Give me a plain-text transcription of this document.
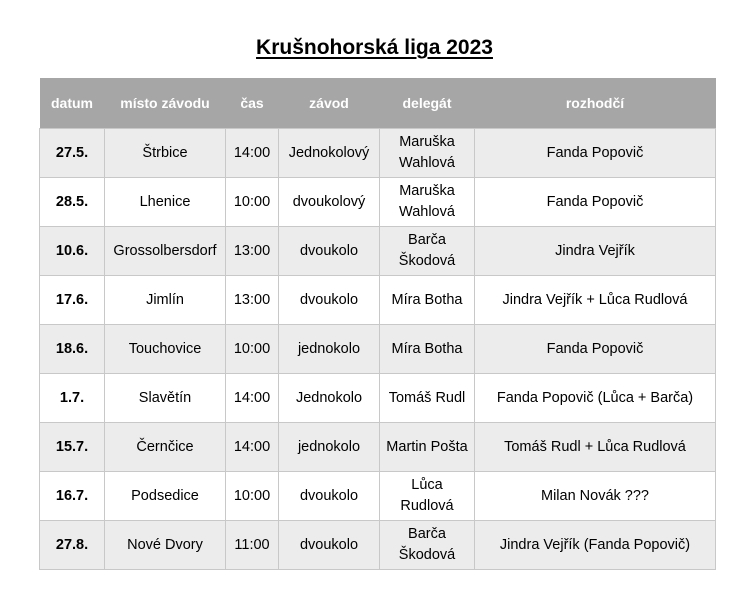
Krušnohorská liga 2023
datum	místo závodu	čas	závod	delegát	rozhodčí
27.5.	Štrbice	14:00	Jednokolový	Maruška Wahlová	Fanda Popovič
28.5.	Lhenice	10:00	dvoukolový	Maruška Wahlová	Fanda Popovič
10.6.	Grossolbersdorf	13:00	dvoukolo	Barča Škodová	Jindra Vejřík
17.6.	Jimlín	13:00	dvoukolo	Míra Botha	Jindra Vejřík + Lůca Rudlová
18.6.	Touchovice	10:00	jednokolo	Míra Botha	Fanda Popovič
1.7.	Slavětín	14:00	Jednokolo	Tomáš Rudl	Fanda Popovič (Lůca + Barča)
15.7.	Černčice	14:00	jednokolo	Martin Pošta	Tomáš Rudl + Lůca Rudlová
16.7.	Podsedice	10:00	dvoukolo	Lůca Rudlová	Milan Novák ???
27.8.	Nové Dvory	11:00	dvoukolo	Barča Škodová	Jindra Vejřík (Fanda Popovič)
